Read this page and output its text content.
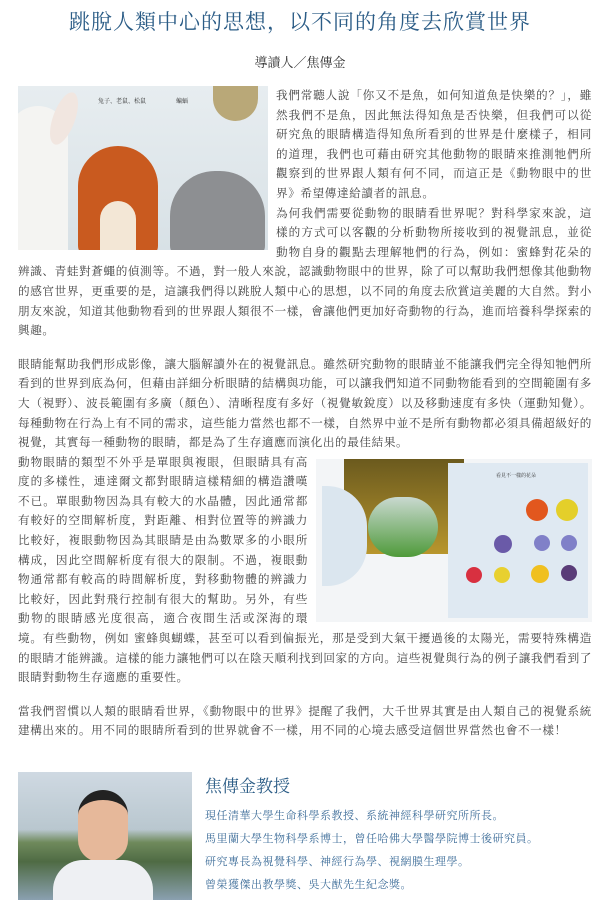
跳脫人類中心的思想，以不同的角度去欣賞世界
導讀人／焦傳金
兔子、老鼠、松鼠	蝙蝠	我們常聽人說「你又不是魚，如何知道魚是快樂的？」，雖然我們不是魚，因此無法得知魚是否快樂，但我們可以從研究魚的眼睛構造得知魚所看到的世界是什麼樣子，相同的道理，我們也可藉由研究其他動物的眼睛來推測牠們所觀察到的世界跟人類有何不同，而這正是《動物眼中的世界》希望傳達給讀者的訊息。

為何我們需要從動物的眼睛看世界呢？對科學家來說，這樣的方式可以客觀的分析動物所接收到的視覺訊息，並從動物自身的觀點去理解牠們的行為，例如：蜜蜂對花朵的辨識、青蛙對蒼蠅的偵測等。不過，對一般人來說，認識動物眼中的世界，除了可以幫助我們想像其他動物的感官世界，更重要的是，這讓我們得以跳脫人類中心的思想，以不同的角度去欣賞這美麗的大自然。對小朋友來說，知道其他動物看到的世界跟人類很不一樣，會讓他們更加好奇動物的行為，進而培養科學探索的興趣。

眼睛能幫助我們形成影像，讓大腦解讀外在的視覺訊息。雖然研究動物的眼睛並不能讓我們完全得知牠們所看到的世界到底為何，但藉由詳細分析眼睛的結構與功能，可以讓我們知道不同動物能看到的空間範圍有多大（視野）、波長範圍有多廣（顏色）、清晰程度有多好（視覺敏銳度）以及移動速度有多快（運動知覺）。每種動物在行為上有不同的需求，這些能力當然也都不一樣，自然界中並不是所有動物都必須具備超級好的視覺，其實每一種動物的眼睛，都是為了生存適應而演化出的最佳結果。

看見不一樣的花朵

動物眼睛的類型不外乎是單眼與複眼，但眼睛具有高度的多樣性，連達爾文都對眼睛這樣精細的構造讚嘆不已。單眼動物因為具有較大的水晶體，因此通常都有較好的空間解析度，對距離、相對位置等的辨識力比較好，複眼動物因為其眼睛是由為數眾多的小眼所構成，因此空間解析度有很大的限制。不過，複眼動物通常都有較高的時間解析度，對移動物體的辨識力比較好，因此對飛行控制有很大的幫助。另外，有些動物的眼睛感光度很高，適合夜間生活或深海的環境。有些動物，例如 蜜蜂與蝴蝶，甚至可以看到偏振光，那是受到大氣干擾過後的太陽光，需要特殊構造的眼睛才能辨識。這樣的能力讓牠們可以在陰天順利找到回家的方向。這些視覺與行為的例子讓我們看到了眼睛對動物生存適應的重要性。

當我們習慣以人類的眼睛看世界，《動物眼中的世界》提醒了我們，大千世界其實是由人類自己的視覺系統建構出來的。用不同的眼睛所看到的世界就會不一樣，用不同的心境去感受這個世界當然也會不一樣！

焦傳金教授
現任清華大學生命科學系教授、系統神經科學研究所所長。
馬里蘭大學生物科學系博士，曾任哈佛大學醫學院博士後研究員。
研究專長為視覺科學、神經行為學、視網膜生理學。
曾榮獲傑出教學獎、吳大猷先生紀念獎。
